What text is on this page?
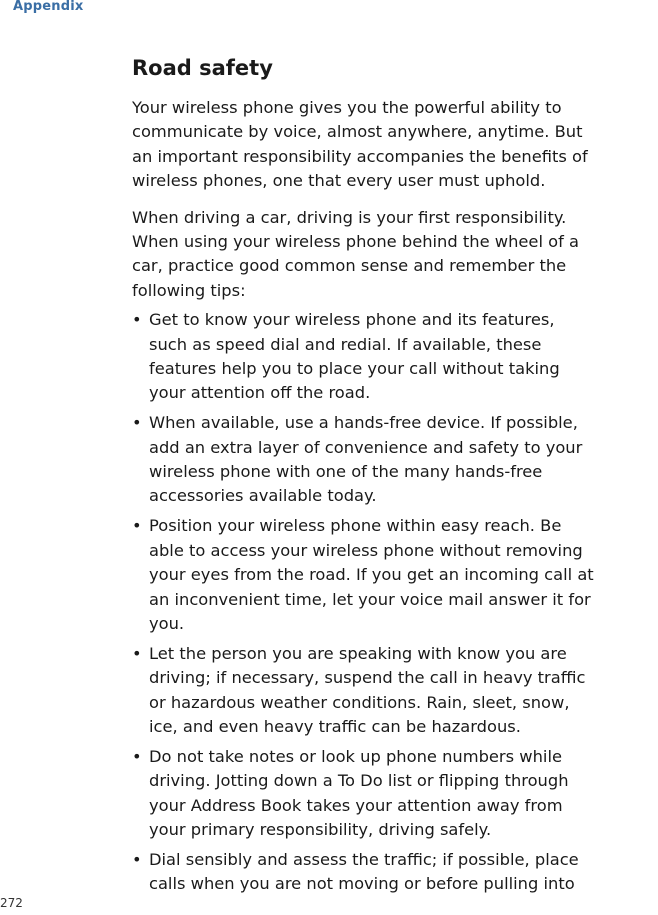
Appendix
Road safety

Your wireless phone gives you the powerful ability to
communicate by voice, almost anywhere, anytime. But
an important responsibility accompanies the benefits of
wireless phones, one that every user must uphold.

When driving a car, driving is your first responsibility.
When using your wireless phone behind the wheel of a
car, practice good common sense and remember the
following tips:

• Get to know your wireless phone and its features,
such as speed dial and redial. If available, these
features help you to place your call without taking
your attention off the road.
• When available, use a hands-free device. If possible,
add an extra layer of convenience and safety to your
wireless phone with one of the many hands-free
accessories available today.
• Position your wireless phone within easy reach. Be
able to access your wireless phone without removing
your eyes from the road. If you get an incoming call at
an inconvenient time, let your voice mail answer it for
you.
• Let the person you are speaking with know you are
driving; if necessary, suspend the call in heavy traffic
or hazardous weather conditions. Rain, sleet, snow,
ice, and even heavy traffic can be hazardous.
• Do not take notes or look up phone numbers while
driving. Jotting down a To Do list or flipping through
your Address Book takes your attention away from
your primary responsibility, driving safely.
• Dial sensibly and assess the traffic; if possible, place
calls when you are not moving or before pulling into
272
